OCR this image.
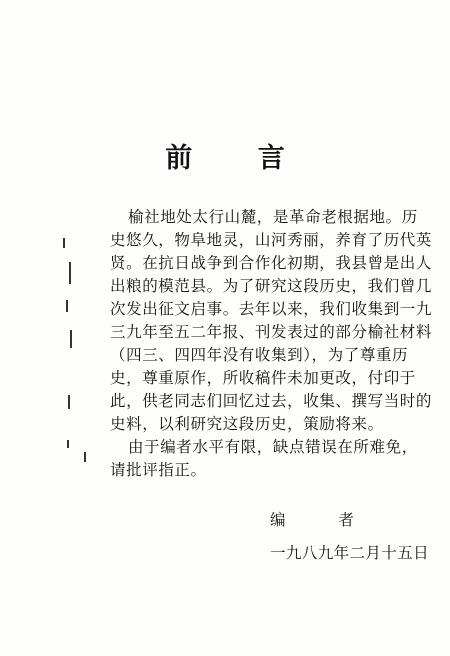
前 言
榆社地处太行山麓，是革命老根据地。历
史悠久，物阜地灵，山河秀丽，养育了历代英
贤。在抗日战争到合作化初期，我县曾是出人
出粮的模范县。为了研究这段历史，我们曾几
次发出征文启事。去年以来，我们收集到一九
三九年至五二年报、刊发表过的部分榆社材料
（四三、四四年没有收集到），为了尊重历
史，尊重原作，所收稿件未加更改，付印于
此，供老同志们回忆过去，收集、撰写当时的
史料，以利研究这段历史，策励将来。
由于编者水平有限，缺点错误在所难免，
请批评指正。
编 者
一九八九年二月十五日
